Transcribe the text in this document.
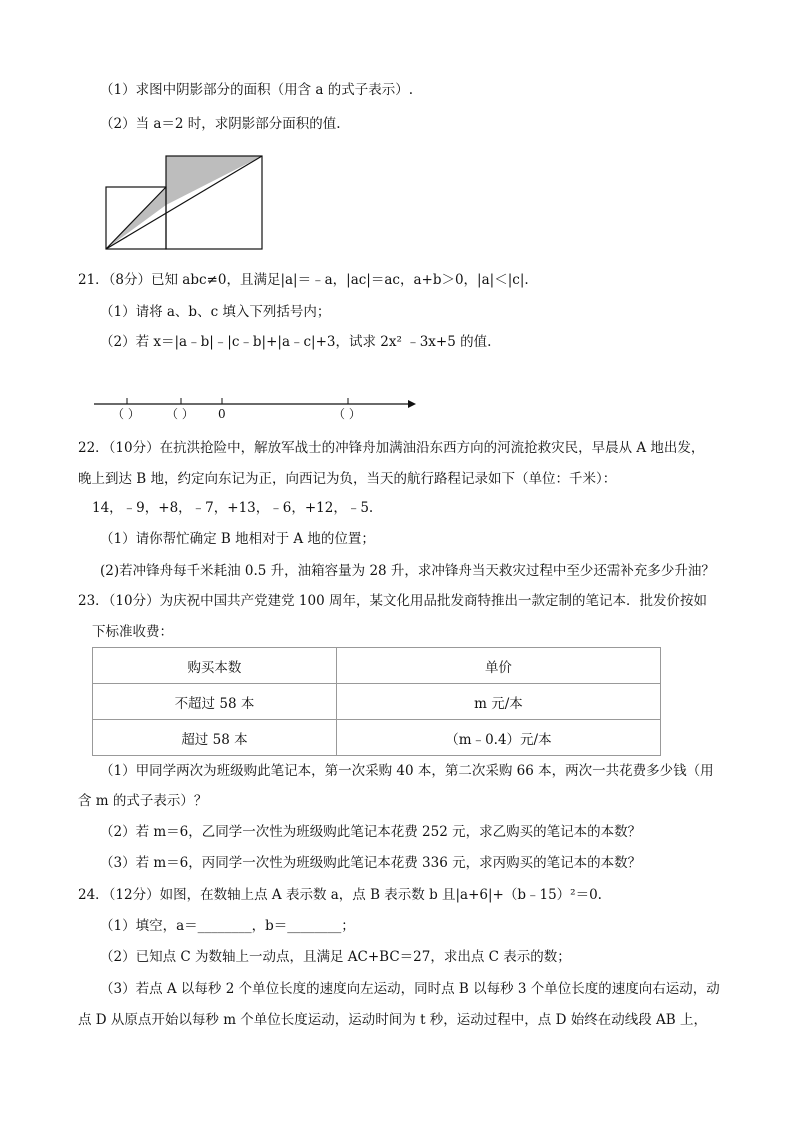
（1）求图中阴影部分的面积（用含 a 的式子表示）.
（2）当 a＝2 时，求阴影部分面积的值.
21．（8分）已知 abc≠0，且满足|a|＝﹣a，|ac|＝ac，a+b＞0，|a|＜|c|.
（1）请将 a、b、c 填入下列括号内；
（2）若 x＝|a﹣b|﹣|c﹣b|+|a﹣c|+3，试求 2x² ﹣3x+5 的值.
（ ） （ ） 0	（ ）
22．（10分）在抗洪抢险中，解放军战士的冲锋舟加满油沿东西方向的河流抢救灾民，早晨从 A 地出发，
晚上到达 B 地，约定向东记为正，向西记为负，当天的航行路程记录如下（单位：千米）：
14，﹣9，+8，﹣7，+13，﹣6，+12，﹣5.
（1）请你帮忙确定 B 地相对于 A 地的位置；
(2)若冲锋舟每千米耗油 0.5 升，油箱容量为 28 升，求冲锋舟当天救灾过程中至少还需补充多少升油？
23．（10分）为庆祝中国共产党建党 100 周年，某文化用品批发商特推出一款定制的笔记本．批发价按如
下标准收费：
购买本数	单价
不超过 58 本	m 元/本
超过 58 本	（m﹣0.4）元/本
（1）甲同学两次为班级购此笔记本，第一次采购 40 本，第二次采购 66 本，两次一共花费多少钱（用
含 m 的式子表示）？
（2）若 m＝6，乙同学一次性为班级购此笔记本花费 252 元，求乙购买的笔记本的本数？
（3）若 m＝6，丙同学一次性为班级购此笔记本花费 336 元，求丙购买的笔记本的本数？
24．（12分）如图，在数轴上点 A 表示数 a，点 B 表示数 b 且|a+6|+（b﹣15）²＝0.
（1）填空，a＝________，b＝________；
（2）已知点 C 为数轴上一动点，且满足 AC+BC＝27，求出点 C 表示的数；
（3）若点 A 以每秒 2 个单位长度的速度向左运动，同时点 B 以每秒 3 个单位长度的速度向右运动，动
点 D 从原点开始以每秒 m 个单位长度运动，运动时间为 t 秒，运动过程中，点 D 始终在动线段 AB 上，
